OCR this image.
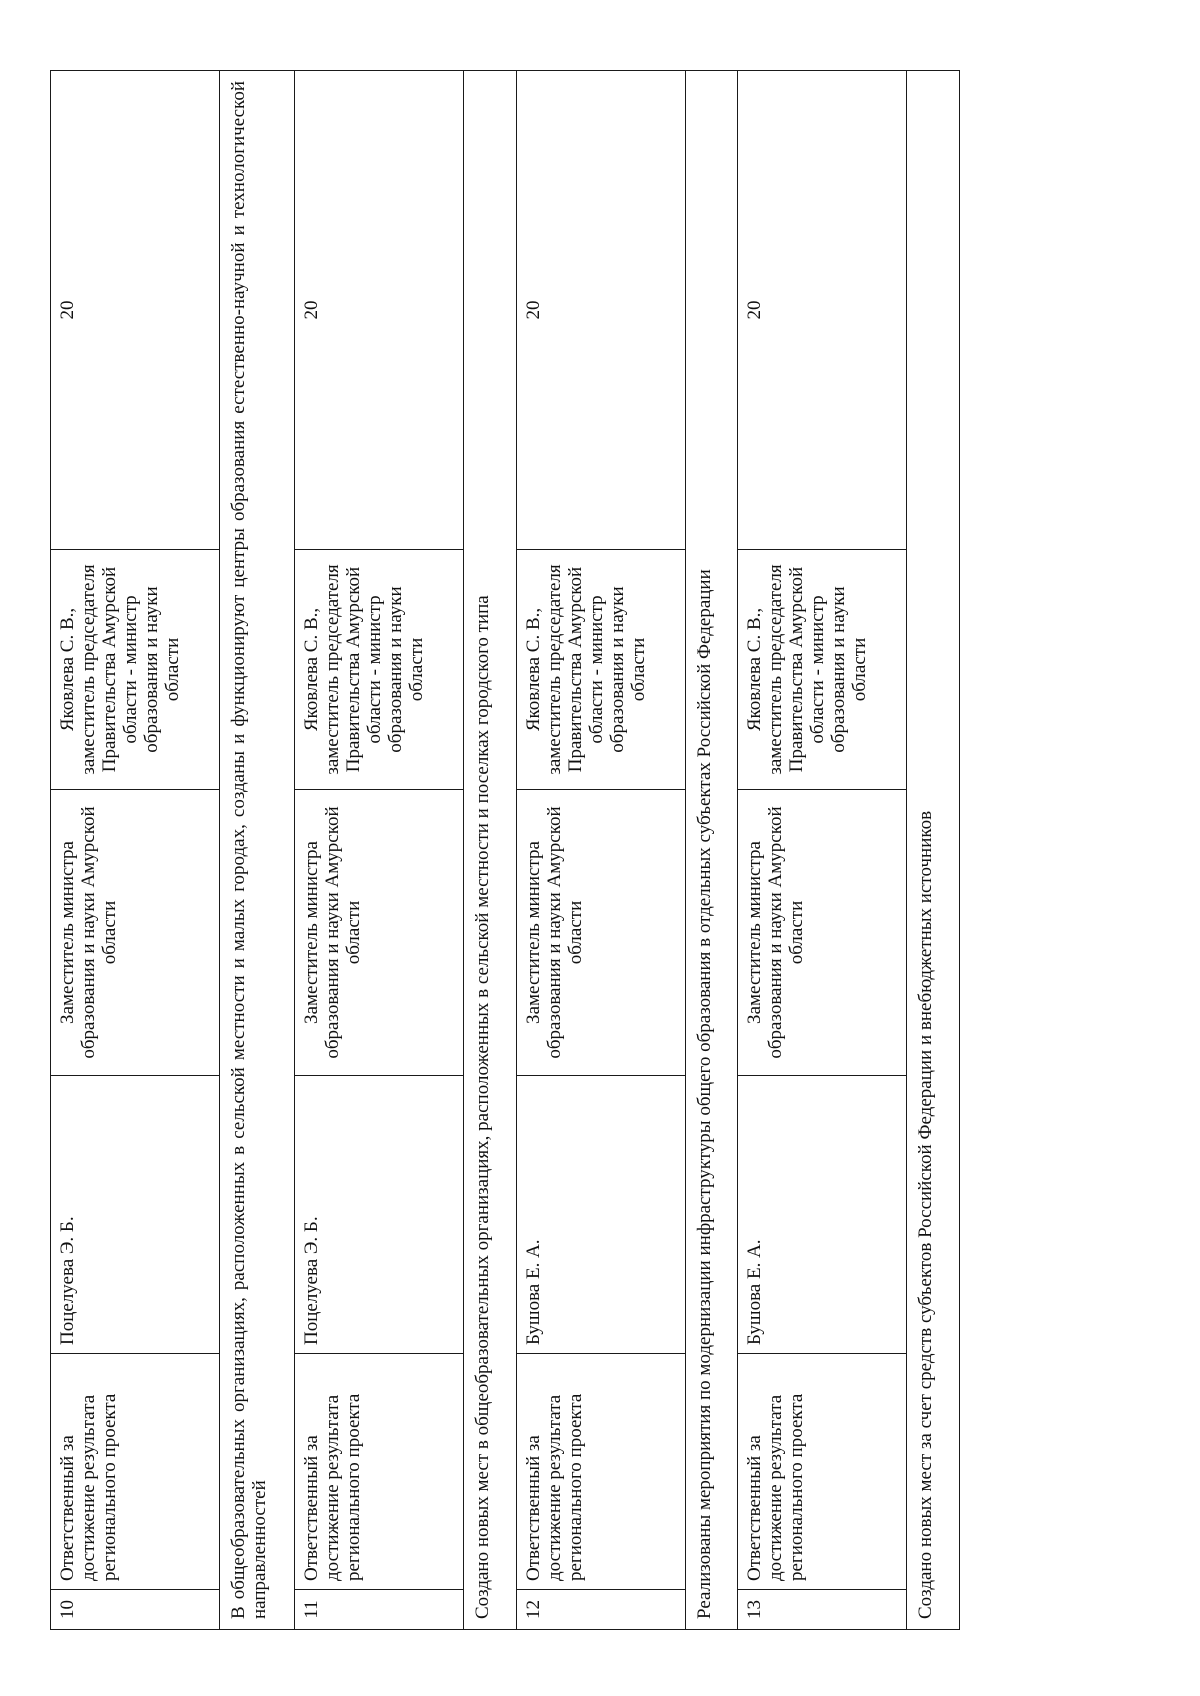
10	Ответственный за достижение результата регионального проекта	Поцелуева Э. Б.	Заместитель министра образования и науки Амурской области	Яковлева С. В., заместитель председателя Правительства Амурской области - министр образования и науки области	20
В общеобразовательных организациях, расположенных в сельской местности и малых городах, созданы и функционируют центры образования естественно-научной и технологической направленностей					
11	Ответственный за достижение результата регионального проекта	Поцелуева Э. Б.	Заместитель министра образования и науки Амурской области	Яковлева С. В., заместитель председателя Правительства Амурской области - министр образования и науки области	20
Создано новых мест в общеобразовательных организациях, расположенных в сельской местности и поселках городского типа					
12	Ответственный за достижение результата регионального проекта	Бушова Е. А.	Заместитель министра образования и науки Амурской области	Яковлева С. В., заместитель председателя Правительства Амурской области - министр образования и науки области	20
Реализованы мероприятия по модернизации инфраструктуры общего образования в отдельных субъектах Российской Федерации					
13	Ответственный за достижение результата регионального проекта	Бушова Е. А.	Заместитель министра образования и науки Амурской области	Яковлева С. В., заместитель председателя Правительства Амурской области - министр образования и науки области	20
Создано новых мест за счет средств субъектов Российской Федерации и внебюджетных источников					
